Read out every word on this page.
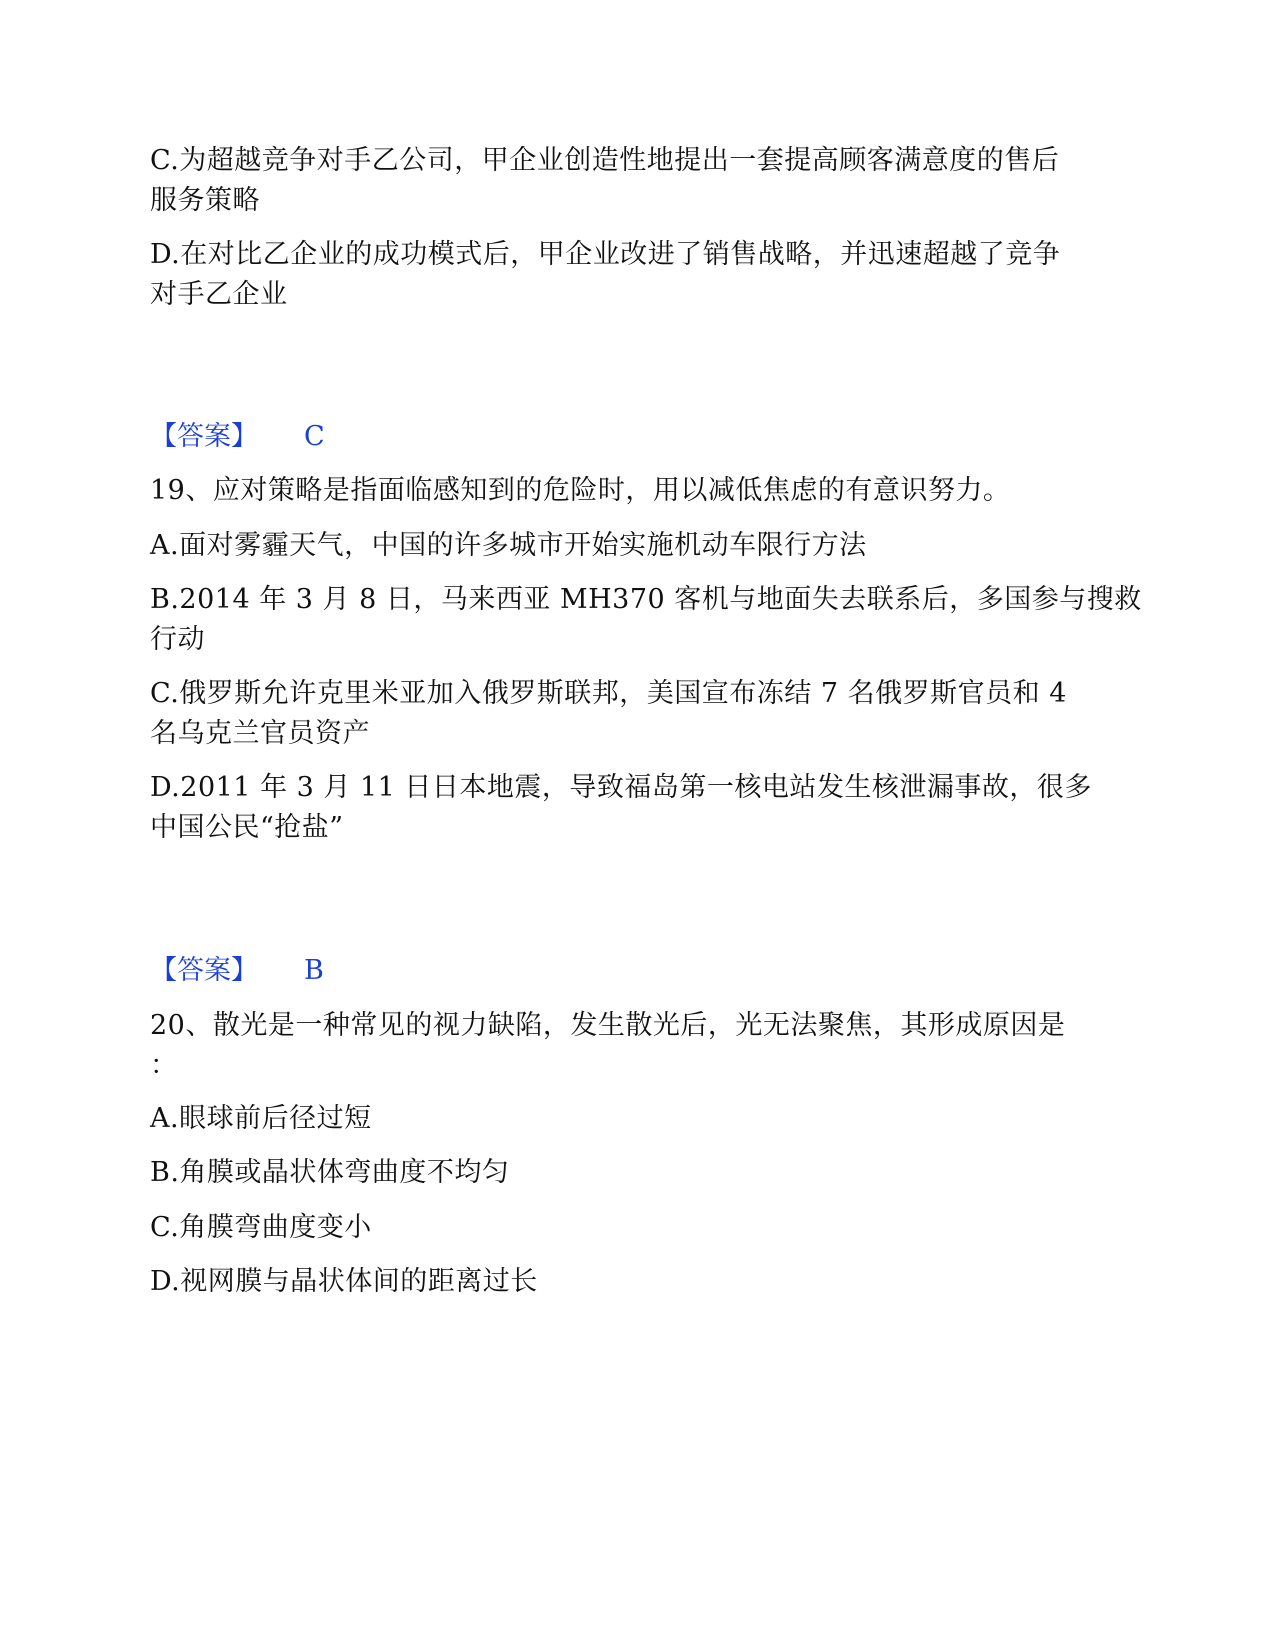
C.为超越竞争对手乙公司，甲企业创造性地提出一套提高顾客满意度的售后
服务策略
D.在对比乙企业的成功模式后，甲企业改进了销售战略，并迅速超越了竞争
对手乙企业
【答案】 C
19、应对策略是指面临感知到的危险时，用以减低焦虑的有意识努力。
A.面对雾霾天气，中国的许多城市开始实施机动车限行方法
B.2014 年 3 月 8 日，马来西亚 MH370 客机与地面失去联系后，多国参与搜救
行动
C.俄罗斯允许克里米亚加入俄罗斯联邦，美国宣布冻结 7 名俄罗斯官员和 4
名乌克兰官员资产
D.2011 年 3 月 11 日日本地震，导致福岛第一核电站发生核泄漏事故，很多
中国公民“抢盐”
【答案】 B
20、散光是一种常见的视力缺陷，发生散光后，光无法聚焦，其形成原因是
：
A.眼球前后径过短
B.角膜或晶状体弯曲度不均匀
C.角膜弯曲度变小
D.视网膜与晶状体间的距离过长
